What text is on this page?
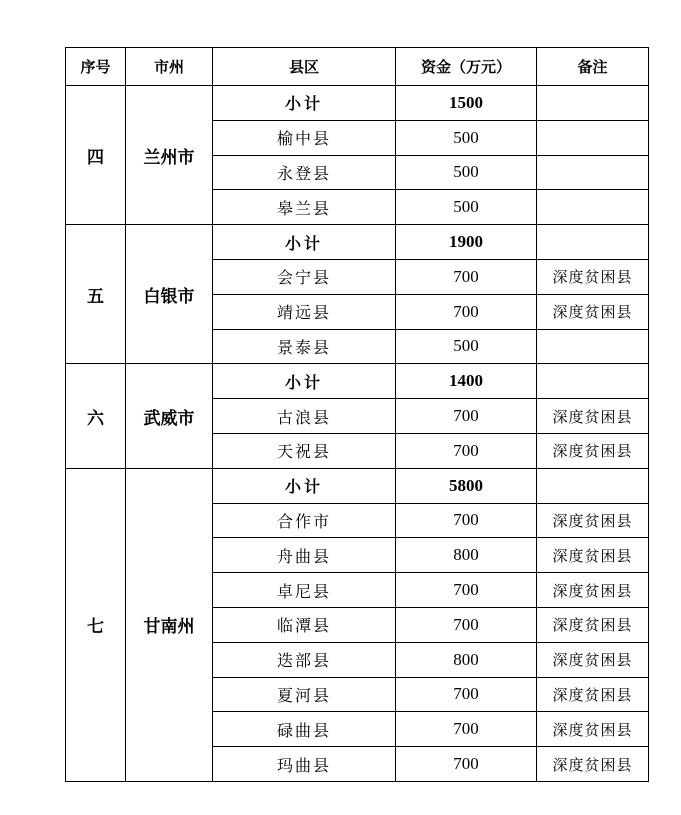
序号	市州	县区	资金（万元）	备注
四	兰州市	小计	1500	
		榆中县	500	
		永登县	500	
		皋兰县	500	
五	白银市	小计	1900	
		会宁县	700	深度贫困县
		靖远县	700	深度贫困县
		景泰县	500	
六	武威市	小计	1400	
		古浪县	700	深度贫困县
		天祝县	700	深度贫困县
七	甘南州	小计	5800	
		合作市	700	深度贫困县
		舟曲县	800	深度贫困县
		卓尼县	700	深度贫困县
		临潭县	700	深度贫困县
		迭部县	800	深度贫困县
		夏河县	700	深度贫困县
		碌曲县	700	深度贫困县
		玛曲县	700	深度贫困县
